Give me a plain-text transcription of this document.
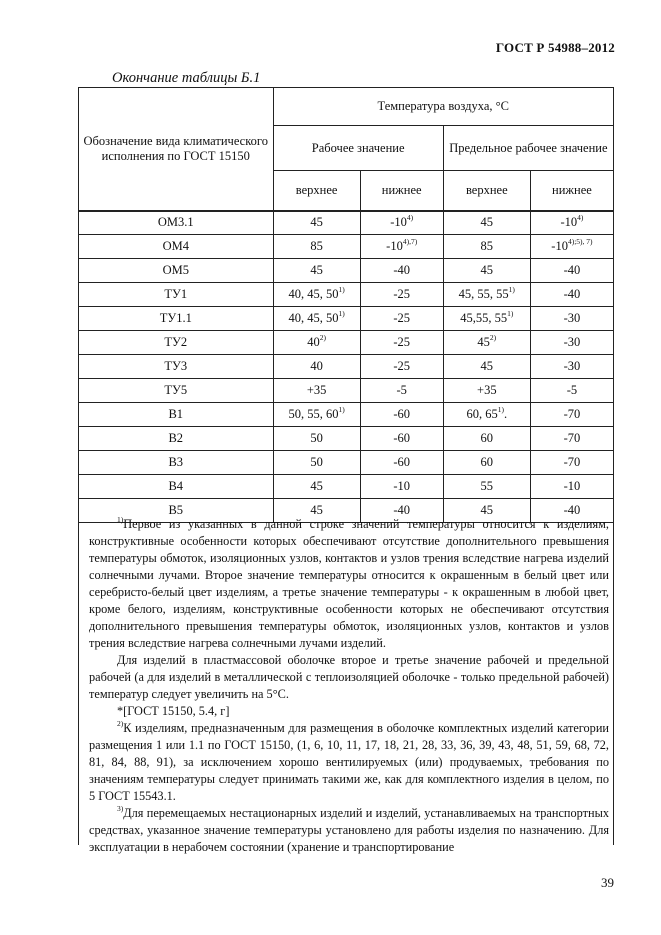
ГОСТ Р 54988–2012
Окончание таблицы Б.1
Обозначение вида климатического исполнения по ГОСТ 15150	Температура воздуха, °С			
	Рабочее значение		Предельное рабочее значение	
	верхнее	нижнее	верхнее	нижнее
ОМ3.1	45	-10$^{4)}$	45	-10$^{4)}$
ОМ4	85	$-10^{4),7)}$	85	$-10^{4);5), 7)}$
ОМ5	45	-40	45	-40
ТУ1	40, 45, 50$^{1)}$	-25	45, 55, 55$^{1)}$	-40
ТУ1.1	40, 45, 50$^{1)}$	-25	45,55, 55$^{1)}$	-30
ТУ2	40$^{2)}$	-25	45$^{2)}$	-30
ТУ3	40	-25	45	-30
ТУ5	+35	-5	+35	-5
В1	50, 55, 60$^{1)}$	-60	60, 65$^{1)}$.	-70
В2	50	-60	60	-70
В3	50	-60	60	-70
В4	45	-10	55	-10
В5	45	-40	45	-40

$^{1)}$Первое из указанных в данной строке значений температуры относится к изделиям, конструктивные особенности которых обеспечивают отсутствие дополнительного превышения температуры обмоток, изоляционных узлов, контактов и узлов трения вследствие нагрева изделий солнечными лучами. Второе значение температуры относится к окрашенным в белый цвет или серебристо-белый цвет изделиям, а третье значение температуры - к окрашенным в любой цвет, кроме белого, изделиям, конструктивные особенности которых не обеспечивают отсутствия дополнительного превышения температуры обмоток, изоляционных узлов, контактов и узлов трения вследствие нагрева солнечными лучами изделий.

Для изделий в пластмассовой оболочке второе и третье значение рабочей и предельной рабочей (а для изделий в металлической с теплоизоляцией оболочке - только предельной рабочей) температур следует увеличить на 5°С.

*[ГОСТ 15150, 5.4, г]

$^{2)}$К изделиям, предназначенным для размещения в оболочке комплектных изделий категории размещения 1 или 1.1 по ГОСТ 15150, (1, 6, 10, 11, 17, 18, 21, 28, 33, 36, 39, 43, 48, 51, 59, 68, 72, 81, 84, 88, 91), за исключением хорошо вентилируемых (или) продуваемых, требования по значениям температуры следует принимать такими же, как для комплектного изделия в целом, по 5 ГОСТ 15543.1.

$^{3)}$Для перемещаемых нестационарных изделий и изделий, устанавливаемых на транспортных средствах, указанное значение температуры установлено для работы изделия по назначению. Для эксплуатации в нерабочем состоянии (хранение и транспортирование

39
